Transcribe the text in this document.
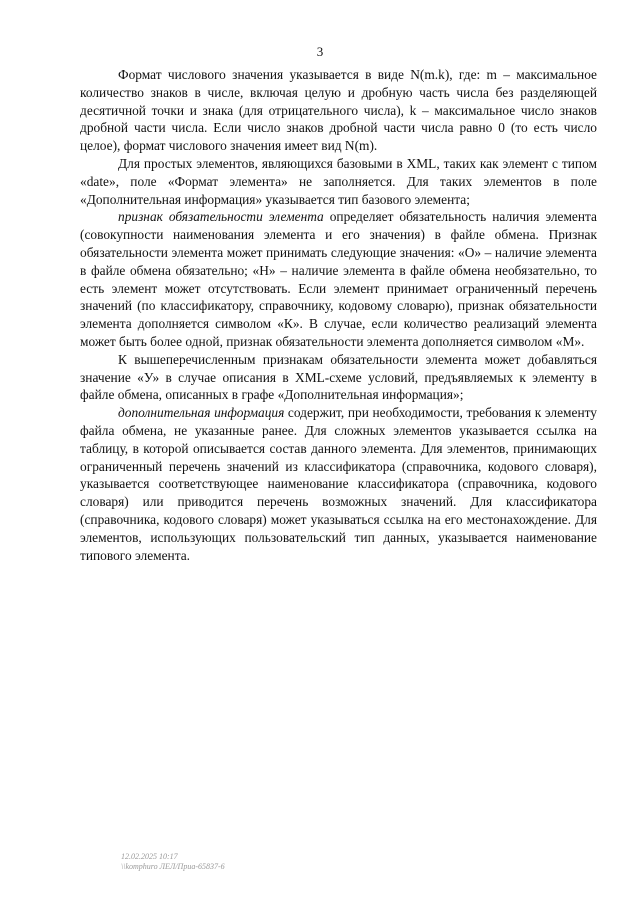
3

Формат числового значения указывается в виде N(m.k), где: m – максимальное количество знаков в числе, включая целую и дробную часть числа без разделяющей десятичной точки и знака (для отрицательного числа), k – максимальное число знаков дробной части числа. Если число знаков дробной части числа равно 0 (то есть число целое), формат числового значения имеет вид N(m).

Для простых элементов, являющихся базовыми в XML, таких как элемент с типом «date», поле «Формат элемента» не заполняется. Для таких элементов в поле «Дополнительная информация» указывается тип базового элемента;

признак обязательности элемента определяет обязательность наличия элемента (совокупности наименования элемента и его значения) в файле обмена. Признак обязательности элемента может принимать следующие значения: «О» – наличие элемента в файле обмена обязательно; «Н» – наличие элемента в файле обмена необязательно, то есть элемент может отсутствовать. Если элемент принимает ограниченный перечень значений (по классификатору, справочнику, кодовому словарю), признак обязательности элемента дополняется символом «К». В случае, если количество реализаций элемента может быть более одной, признак обязательности элемента дополняется символом «М».

К вышеперечисленным признакам обязательности элемента может добавляться значение «У» в случае описания в XML-схеме условий, предъявляемых к элементу в файле обмена, описанных в графе «Дополнительная информация»;

дополнительная информация содержит, при необходимости, требования к элементу файла обмена, не указанные ранее. Для сложных элементов указывается ссылка на таблицу, в которой описывается состав данного элемента. Для элементов, принимающих ограниченный перечень значений из классификатора (справочника, кодового словаря), указывается соответствующее наименование классификатора (справочника, кодового словаря) или приводится перечень возможных значений. Для классификатора (справочника, кодового словаря) может указываться ссылка на его местонахождение. Для элементов, использующих пользовательский тип данных, указывается наименование типового элемента.

12.02.2025 10:17
\\komphuro ЛЕЛ/Приа-65837-6
